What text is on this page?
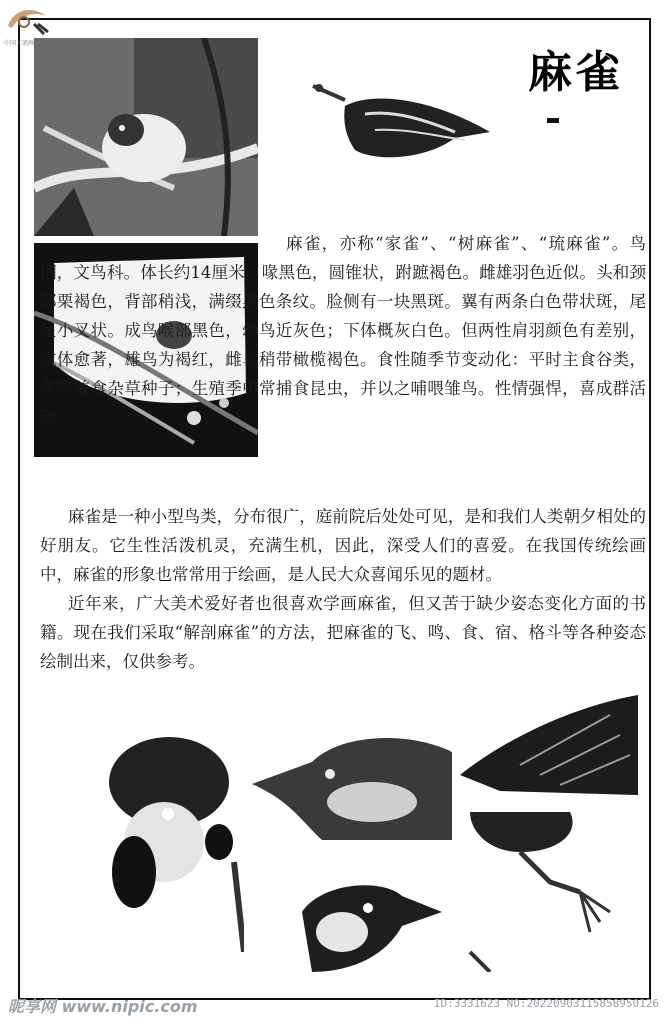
中国工笔画
麻雀

麻雀，亦称“家雀”、“树麻雀”、“琉麻雀”。鸟纲，文鸟科。体长约14厘米。喙黑色，圆锥状，跗蹠褐色。雌雄羽色近似。头和颈部栗褐色，背部稍浅，满缀黑色条纹。脸侧有一块黑斑。翼有两条白色带状斑，尾呈小叉状。成鸟喉部黑色，幼鸟近灰色；下体概灰白色。但两性肩羽颜色有差别，成体愈著，雄鸟为褐红，雌鸟稍带橄榄褐色。食性随季节变动化：平时主食谷类，冬时兼食杂草种子；生殖季中常捕食昆虫，并以之哺喂雏鸟。性情强悍，喜成群活动。

麻雀是一种小型鸟类，分布很广，庭前院后处处可见，是和我们人类朝夕相处的好朋友。它生性活泼机灵，充满生机，因此，深受人们的喜爱。在我国传统绘画中，麻雀的形象也常常用于绘画，是人民大众喜闻乐见的题材。

近年来，广大美术爱好者也很喜欢学画麻雀，但又苦于缺少姿态变化方面的书籍。现在我们采取“解剖麻雀”的方法，把麻雀的飞、鸣、食、宿、格斗等各种姿态绘制出来，仅供参考。

昵享网 www.nipic.com	ID:3331623 NO:20220903115858950126
